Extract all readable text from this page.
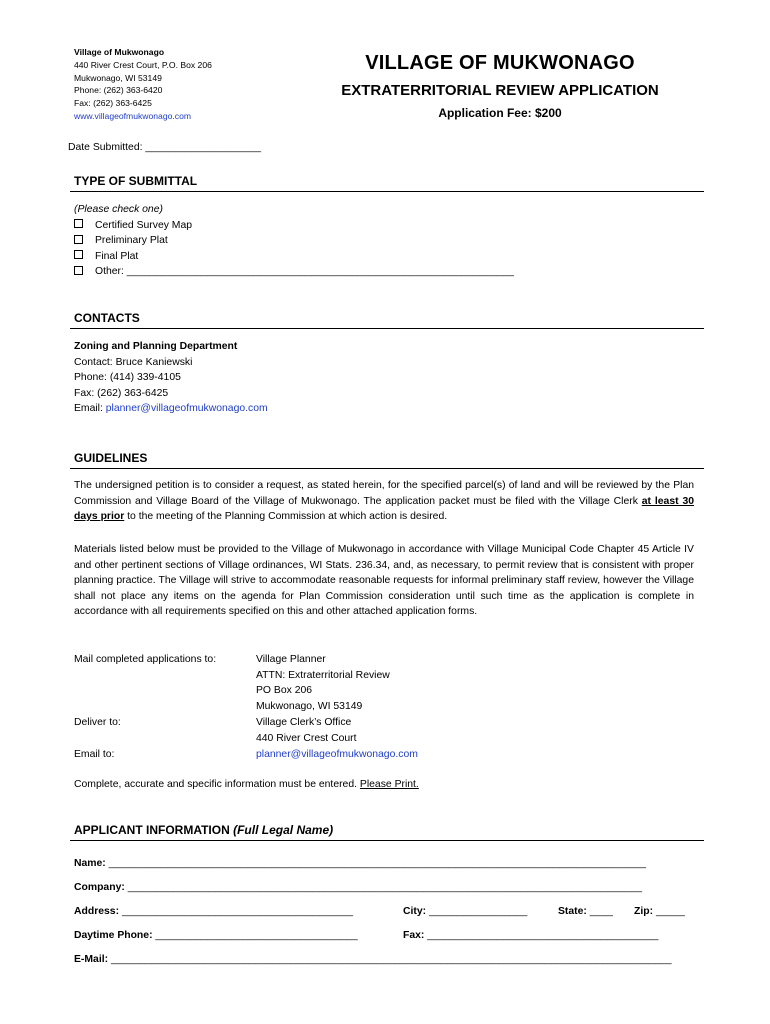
Village of Mukwonago
440 River Crest Court, P.O. Box 206
Mukwonago, WI 53149
Phone: (262) 363-6420
Fax: (262) 363-6425
www.villageofmukwonago.com
VILLAGE OF MUKWONAGO
EXTRATERRITORIAL REVIEW APPLICATION
Application Fee: $200
Date Submitted: ____________________
TYPE OF SUBMITTAL
(Please check one)
Certified Survey Map
Preliminary Plat
Final Plat
Other: ___________________________________________________________________
CONTACTS
Zoning and Planning Department
Contact: Bruce Kaniewski
Phone: (414) 339-4105
Fax: (262) 363-6425
Email: planner@villageofmukwonago.com
GUIDELINES
The undersigned petition is to consider a request, as stated herein, for the specified parcel(s) of land and will be reviewed by the Plan Commission and Village Board of the Village of Mukwonago. The application packet must be filed with the Village Clerk at least 30 days prior to the meeting of the Planning Commission at which action is desired.
Materials listed below must be provided to the Village of Mukwonago in accordance with Village Municipal Code Chapter 45 Article IV and other pertinent sections of Village ordinances, WI Stats. 236.34, and, as necessary, to permit review that is consistent with proper planning practice. The Village will strive to accommodate reasonable requests for informal preliminary staff review, however the Village shall not place any items on the agenda for Plan Commission consideration until such time as the application is complete in accordance with all requirements specified on this and other attached application forms.
Mail completed applications to:	Village Planner
ATTN: Extraterritorial Review
PO Box 206
Mukwonago, WI 53149
Deliver to:	Village Clerk’s Office
440 River Crest Court
Email to:	planner@villageofmukwonago.com
Complete, accurate and specific information must be entered. Please Print.
APPLICANT INFORMATION (Full Legal Name)
Name: _____________________________________________________________________________________________
Company: _________________________________________________________________________________________
Address: ________________________________________	City: _________________	State: ____ Zip: _____
Daytime Phone: ___________________________________	Fax: ________________________________________
E-Mail: _________________________________________________________________________________________________
